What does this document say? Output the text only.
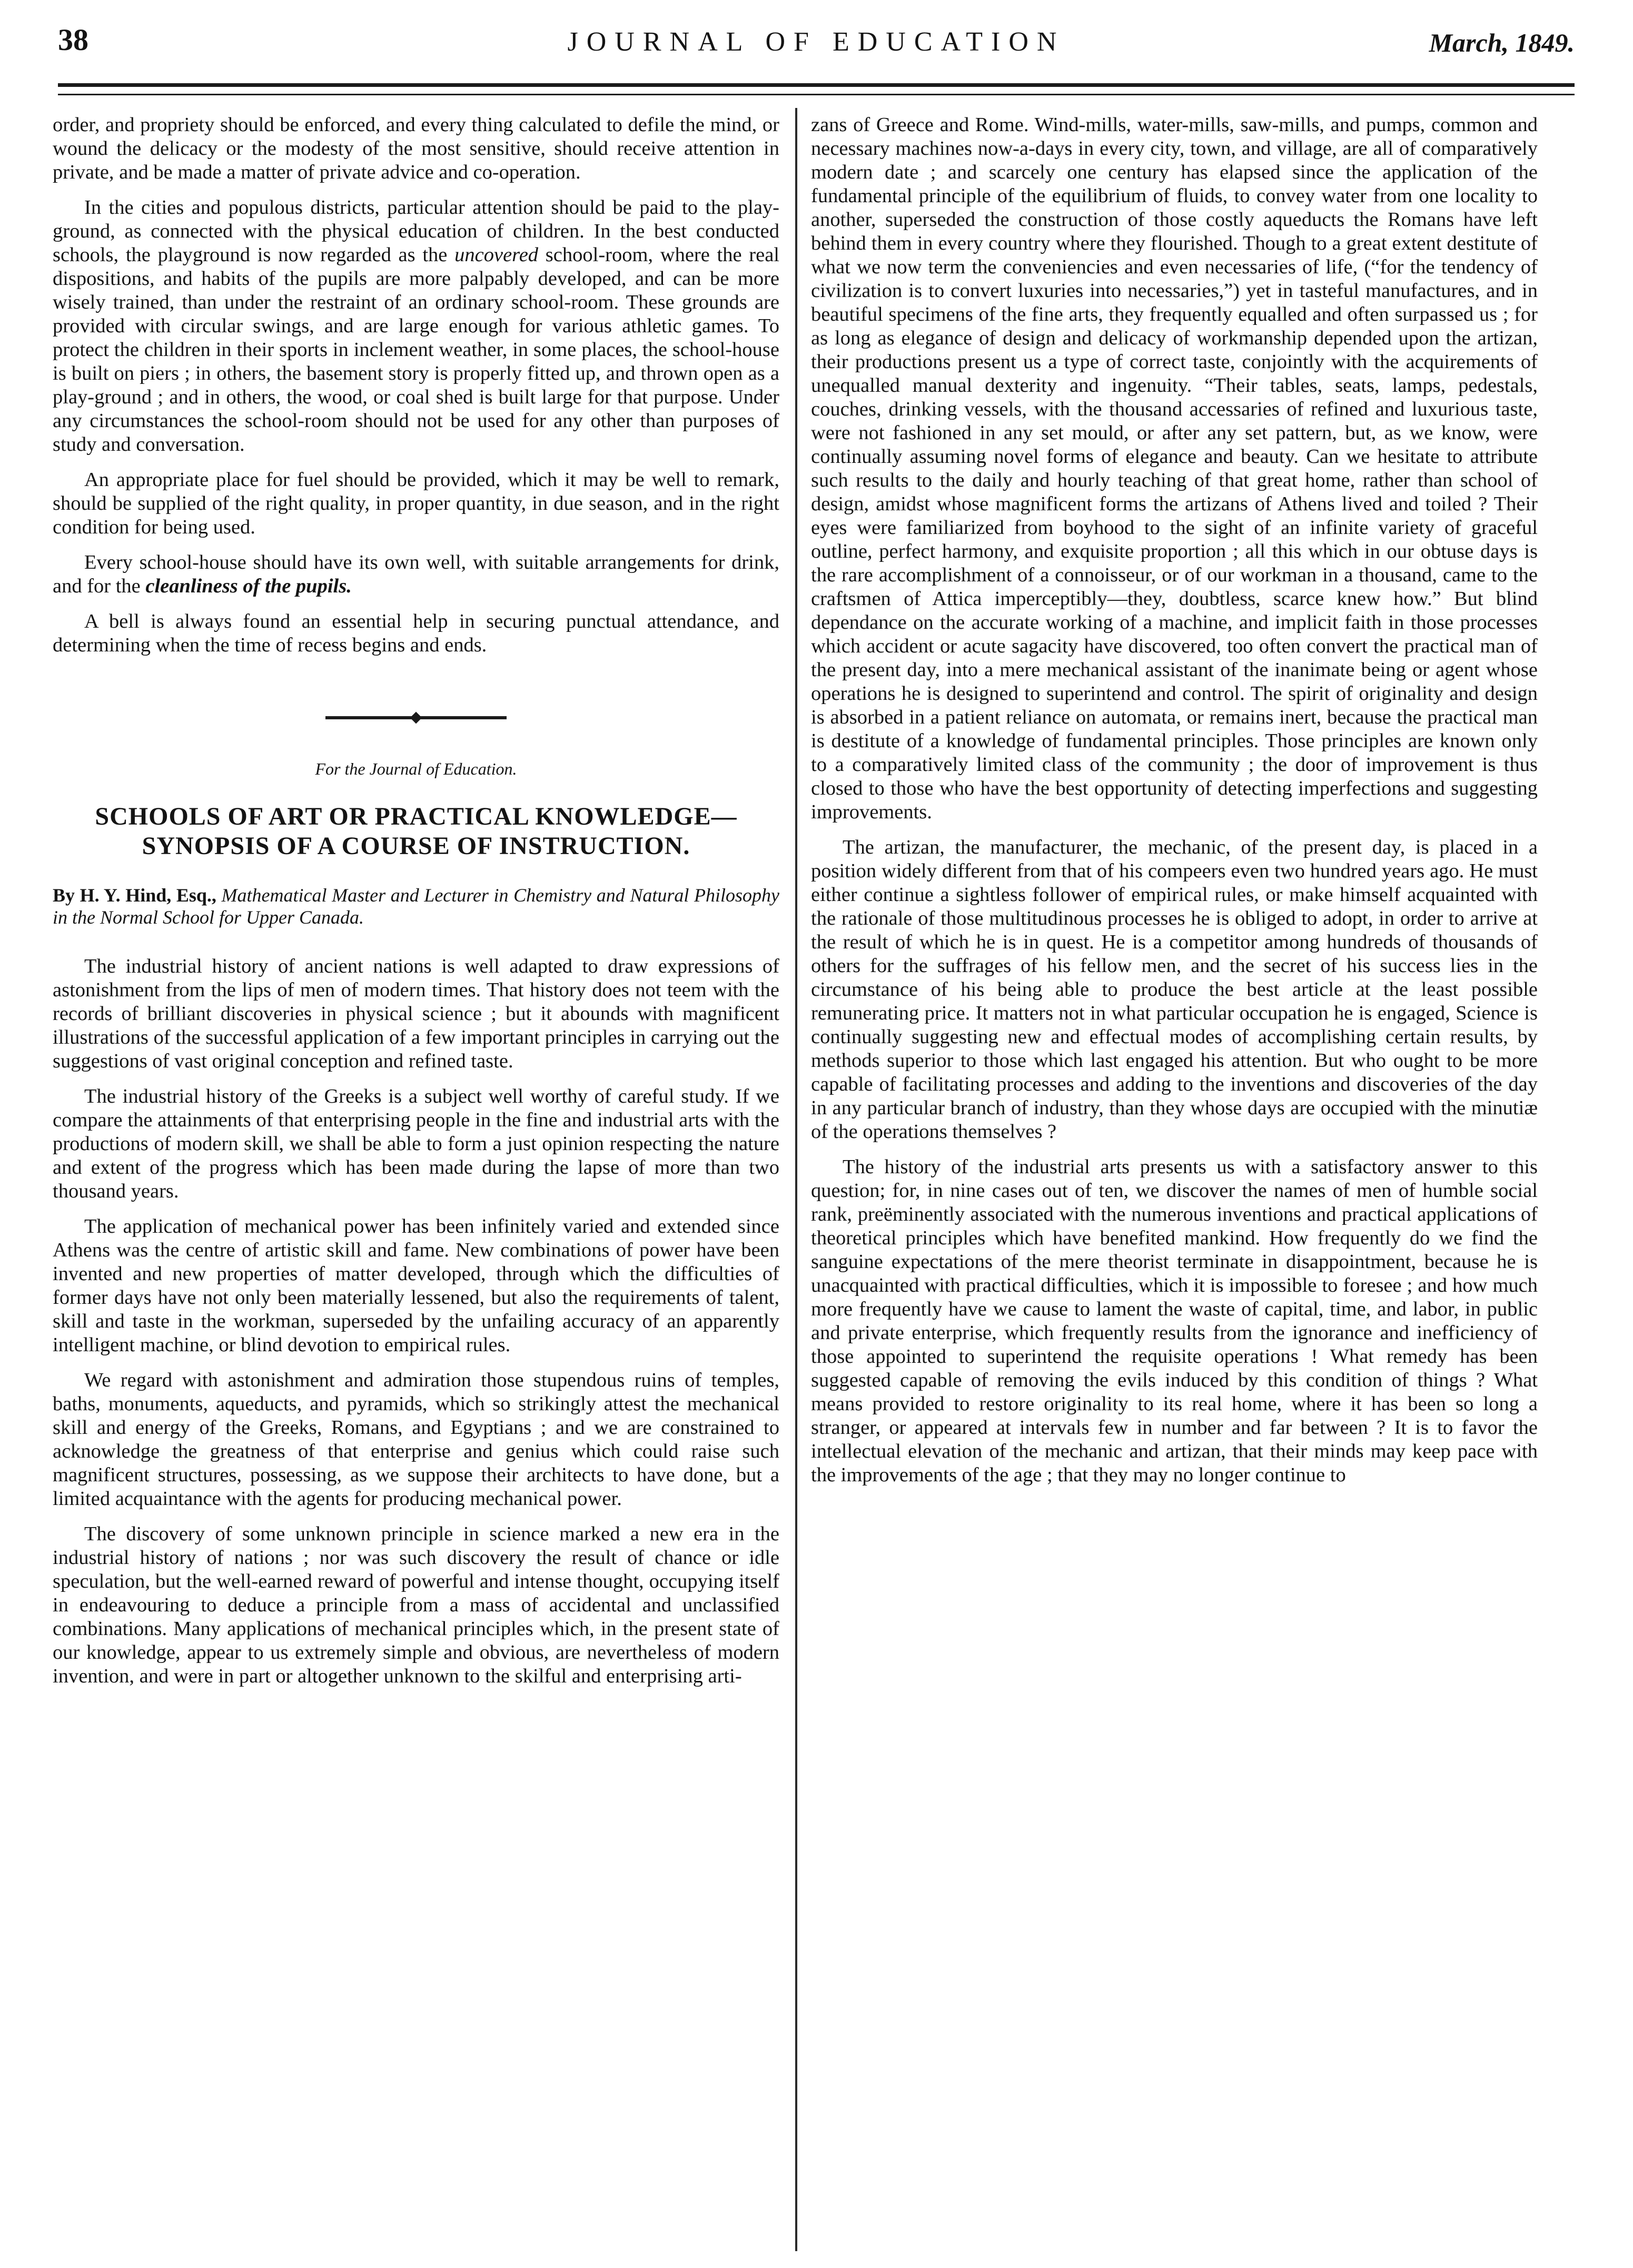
38	JOURNAL OF EDUCATION	March, 1849.

order, and propriety should be enforced, and every thing calculated to defile the mind, or wound the delicacy or the modesty of the most sensitive, should receive attention in private, and be made a matter of private advice and co-operation.

In the cities and populous districts, particular attention should be paid to the play-ground, as connected with the physical education of children. In the best conducted schools, the playground is now regarded as the uncovered school-room, where the real dispositions, and habits of the pupils are more palpably developed, and can be more wisely trained, than under the restraint of an ordinary school-room. These grounds are provided with circular swings, and are large enough for various athletic games. To protect the children in their sports in inclement weather, in some places, the school-house is built on piers ; in others, the basement story is properly fitted up, and thrown open as a play-ground ; and in others, the wood, or coal shed is built large for that purpose. Under any circumstances the school-room should not be used for any other than purposes of study and conversation.

An appropriate place for fuel should be provided, which it may be well to remark, should be supplied of the right quality, in proper quantity, in due season, and in the right condition for being used.

Every school-house should have its own well, with suitable arrangements for drink, and for the cleanliness of the pupils.

A bell is always found an essential help in securing punctual attendance, and determining when the time of recess begins and ends.

For the Journal of Education.
SCHOOLS OF ART OR PRACTICAL KNOWLEDGE—
SYNOPSIS OF A COURSE OF INSTRUCTION.
By H. Y. Hind, Esq., Mathematical Master and Lecturer in Chemistry and Natural Philosophy in the Normal School for Upper Canada.

The industrial history of ancient nations is well adapted to draw expressions of astonishment from the lips of men of modern times. That history does not teem with the records of brilliant discoveries in physical science ; but it abounds with magnificent illustrations of the successful application of a few important principles in carrying out the suggestions of vast original conception and refined taste.

The industrial history of the Greeks is a subject well worthy of careful study. If we compare the attainments of that enterprising people in the fine and industrial arts with the productions of modern skill, we shall be able to form a just opinion respecting the nature and extent of the progress which has been made during the lapse of more than two thousand years.

The application of mechanical power has been infinitely varied and extended since Athens was the centre of artistic skill and fame. New combinations of power have been invented and new properties of matter developed, through which the difficulties of former days have not only been materially lessened, but also the requirements of talent, skill and taste in the workman, superseded by the unfailing accuracy of an apparently intelligent machine, or blind devotion to empirical rules.

We regard with astonishment and admiration those stupendous ruins of temples, baths, monuments, aqueducts, and pyramids, which so strikingly attest the mechanical skill and energy of the Greeks, Romans, and Egyptians ; and we are constrained to acknowledge the greatness of that enterprise and genius which could raise such magnificent structures, possessing, as we suppose their architects to have done, but a limited acquaintance with the agents for producing mechanical power.

The discovery of some unknown principle in science marked a new era in the industrial history of nations ; nor was such discovery the result of chance or idle speculation, but the well-earned reward of powerful and intense thought, occupying itself in endeavouring to deduce a principle from a mass of accidental and unclassified combinations. Many applications of mechanical principles which, in the present state of our knowledge, appear to us extremely simple and obvious, are nevertheless of modern invention, and were in part or altogether unknown to the skilful and enterprising arti-

zans of Greece and Rome. Wind-mills, water-mills, saw-mills, and pumps, common and necessary machines now-a-days in every city, town, and village, are all of comparatively modern date ; and scarcely one century has elapsed since the application of the fundamental principle of the equilibrium of fluids, to convey water from one locality to another, superseded the construction of those costly aqueducts the Romans have left behind them in every country where they flourished. Though to a great extent destitute of what we now term the conveniencies and even necessaries of life, (“for the tendency of civilization is to convert luxuries into necessaries,”) yet in tasteful manufactures, and in beautiful specimens of the fine arts, they frequently equalled and often surpassed us ; for as long as elegance of design and delicacy of workmanship depended upon the artizan, their productions present us a type of correct taste, conjointly with the acquirements of unequalled manual dexterity and ingenuity. “Their tables, seats, lamps, pedestals, couches, drinking vessels, with the thousand accessaries of refined and luxurious taste, were not fashioned in any set mould, or after any set pattern, but, as we know, were continually assuming novel forms of elegance and beauty. Can we hesitate to attribute such results to the daily and hourly teaching of that great home, rather than school of design, amidst whose magnificent forms the artizans of Athens lived and toiled ? Their eyes were familiarized from boyhood to the sight of an infinite variety of graceful outline, perfect harmony, and exquisite proportion ; all this which in our obtuse days is the rare accomplishment of a connoisseur, or of our workman in a thousand, came to the craftsmen of Attica imperceptibly—they, doubtless, scarce knew how.” But blind dependance on the accurate working of a machine, and implicit faith in those processes which accident or acute sagacity have discovered, too often convert the practical man of the present day, into a mere mechanical assistant of the inanimate being or agent whose operations he is designed to superintend and control. The spirit of originality and design is absorbed in a patient reliance on automata, or remains inert, because the practical man is destitute of a knowledge of fundamental principles. Those principles are known only to a comparatively limited class of the community ; the door of improvement is thus closed to those who have the best opportunity of detecting imperfections and suggesting improvements.

The artizan, the manufacturer, the mechanic, of the present day, is placed in a position widely different from that of his compeers even two hundred years ago. He must either continue a sightless follower of empirical rules, or make himself acquainted with the rationale of those multitudinous processes he is obliged to adopt, in order to arrive at the result of which he is in quest. He is a competitor among hundreds of thousands of others for the suffrages of his fellow men, and the secret of his success lies in the circumstance of his being able to produce the best article at the least possible remunerating price. It matters not in what particular occupation he is engaged, Science is continually suggesting new and effectual modes of accomplishing certain results, by methods superior to those which last engaged his attention. But who ought to be more capable of facilitating processes and adding to the inventions and discoveries of the day in any particular branch of industry, than they whose days are occupied with the minutiæ of the operations themselves ?

The history of the industrial arts presents us with a satisfactory answer to this question; for, in nine cases out of ten, we discover the names of men of humble social rank, preëminently associated with the numerous inventions and practical applications of theoretical principles which have benefited mankind. How frequently do we find the sanguine expectations of the mere theorist terminate in disappointment, because he is unacquainted with practical difficulties, which it is impossible to foresee ; and how much more frequently have we cause to lament the waste of capital, time, and labor, in public and private enterprise, which frequently results from the ignorance and inefficiency of those appointed to superintend the requisite operations ! What remedy has been suggested capable of removing the evils induced by this condition of things ? What means provided to restore originality to its real home, where it has been so long a stranger, or appeared at intervals few in number and far between ? It is to favor the intellectual elevation of the mechanic and artizan, that their minds may keep pace with the improvements of the age ; that they may no longer continue to
